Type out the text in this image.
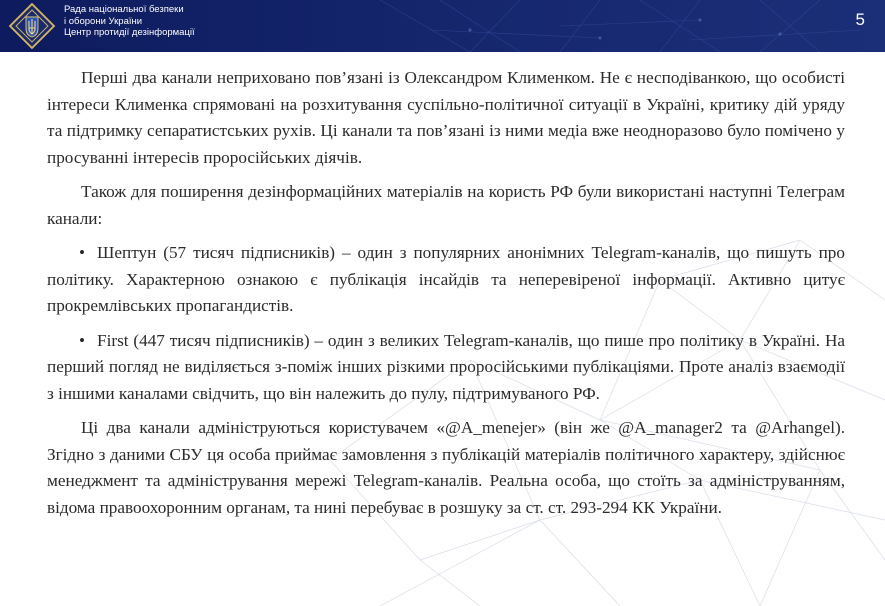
Рада національної безпеки
і оборони України
Центр протидії дезінформації
5

Перші два канали неприховано пов’язані із Олександром Клименком. Не є несподіванкою, що особисті інтереси Клименка спрямовані на розхитування суспільно-політичної ситуації в Україні, критику дій уряду та підтримку сепаратистських рухів. Ці канали та пов’язані із ними медіа вже неодноразово було помічено у просуванні інтересів проросійських діячів.

Також для поширення дезінформаційних матеріалів на користь РФ були використані наступні Телеграм канали:

• Шептун (57 тисяч підписників) – один з популярних анонімних Telegram-каналів, що пишуть про політику. Характерною ознакою є публікація інсайдів та неперевіреної інформації. Активно цитує прокремлівських пропагандистів.

• First (447 тисяч підписників) – один з великих Telegram-каналів, що пише про політику в Україні. На перший погляд не виділяється з-поміж інших різкими проросійськими публікаціями. Проте аналіз взаємодії з іншими каналами свідчить, що він належить до пулу, підтримуваного РФ.

Ці два канали адмініструються користувачем «@A_menejer» (він же @A_manager2 та @Arhangel). Згідно з даними СБУ ця особа приймає замовлення з публікацій матеріалів політичного характеру, здійснює менеджмент та адміністрування мережі Telegram-каналів. Реальна особа, що стоїть за адмініструванням, відома правоохоронним органам, та нині перебуває в розшуку за ст. ст. 293-294 КК України.
